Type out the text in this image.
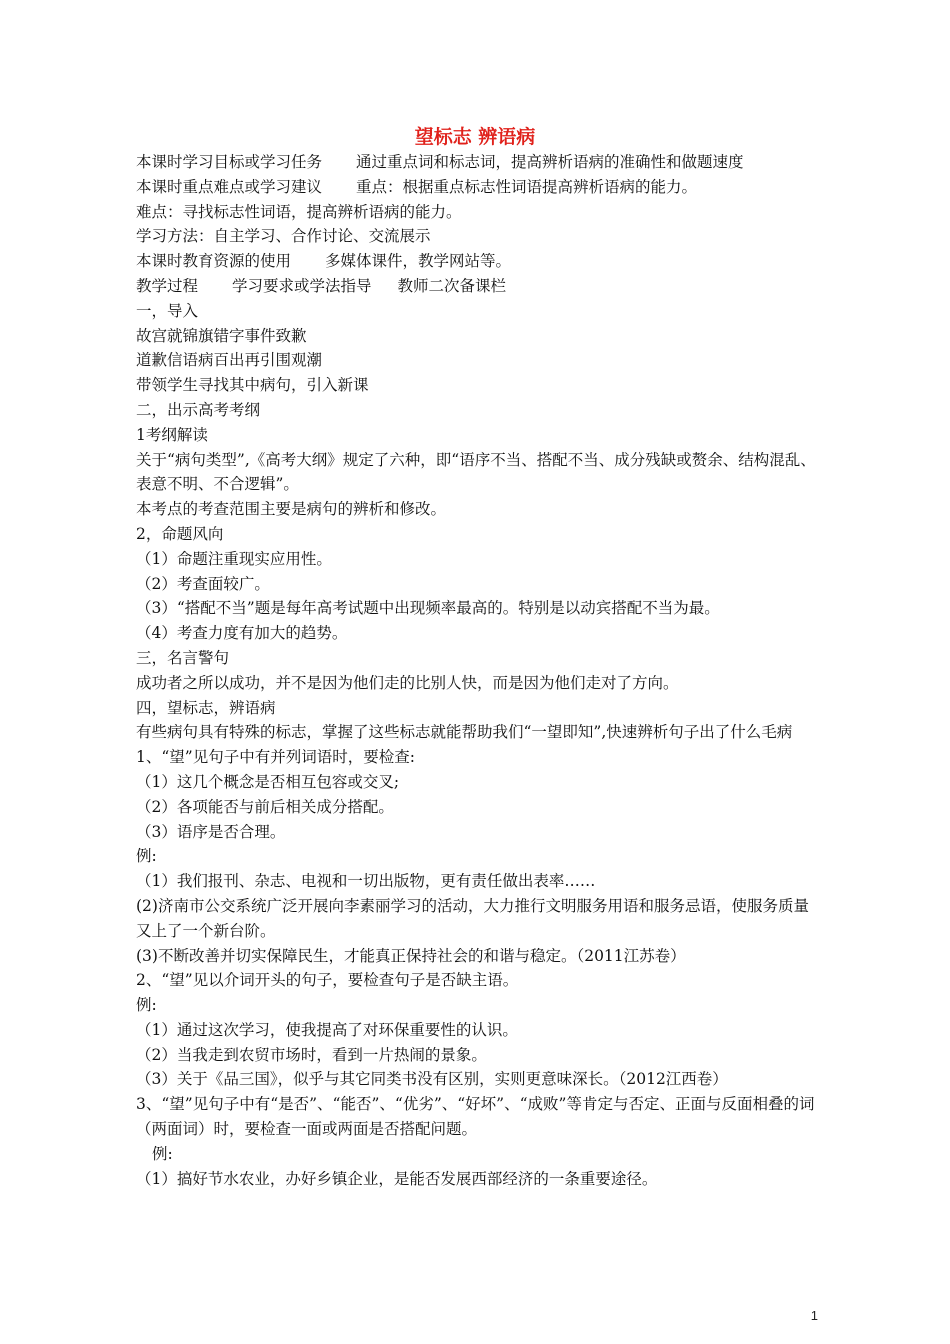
望标志 辨语病
本课时学习目标或学习任务 通过重点词和标志词，提高辨析语病的准确性和做题速度
本课时重点难点或学习建议 重点：根据重点标志性词语提高辨析语病的能力。
难点：寻找标志性词语，提高辨析语病的能力。
学习方法：自主学习、合作讨论、交流展示
本课时教育资源的使用 多媒体课件，教学网站等。
教学过程 学习要求或学法指导 教师二次备课栏
一，导入
故宫就锦旗错字事件致歉
道歉信语病百出再引围观潮
带领学生寻找其中病句，引入新课
二，出示高考考纲
1考纲解读
关于“病句类型”,《高考大纲》规定了六种，即“语序不当、搭配不当、成分残缺或赘余、结构混乱、表意不明、不合逻辑”。
本考点的考查范围主要是病句的辨析和修改。
2，命题风向
（1）命题注重现实应用性。
（2）考查面较广。
（3）“搭配不当”题是每年高考试题中出现频率最高的。特别是以动宾搭配不当为最。
（4）考查力度有加大的趋势。
三，名言警句
成功者之所以成功，并不是因为他们走的比别人快，而是因为他们走对了方向。
四，望标志，辨语病
有些病句具有特殊的标志，掌握了这些标志就能帮助我们“一望即知”,快速辨析句子出了什么毛病
1、“望”见句子中有并列词语时，要检查:
（1）这几个概念是否相互包容或交叉;
（2）各项能否与前后相关成分搭配。
（3）语序是否合理。
例:
（1）我们报刊、杂志、电视和一切出版物，更有责任做出表率……
(2)济南市公交系统广泛开展向李素丽学习的活动，大力推行文明服务用语和服务忌语，使服务质量又上了一个新台阶。
(3)不断改善并切实保障民生，才能真正保持社会的和谐与稳定。（2011江苏卷）
2、“望”见以介词开头的句子，要检查句子是否缺主语。
例:
（1）通过这次学习，使我提高了对环保重要性的认识。
（2）当我走到农贸市场时，看到一片热闹的景象。
（3）关于《品三国》，似乎与其它同类书没有区别，实则更意味深长。（2012江西卷）
3、“望”见句子中有“是否”、“能否”、“优劣”、“好坏”、“成败”等肯定与否定、正面与反面相叠的词（两面词）时，要检查一面或两面是否搭配问题。
例:
（1）搞好节水农业，办好乡镇企业，是能否发展西部经济的一条重要途径。
1
